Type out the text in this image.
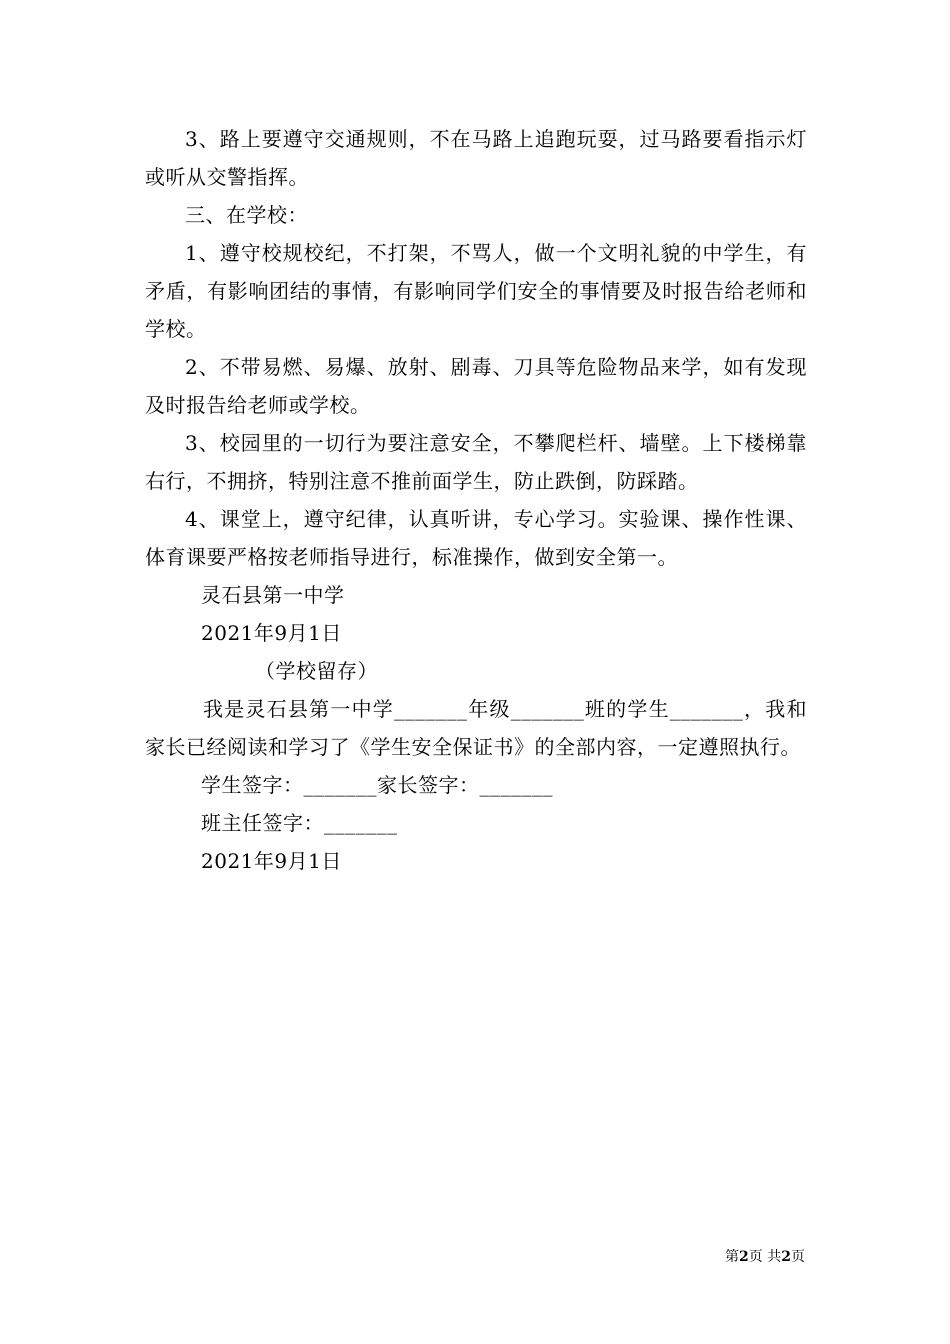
3、路上要遵守交通规则，不在马路上追跑玩耍，过马路要看指示灯或听从交警指挥。

三、在学校：

1、遵守校规校纪，不打架，不骂人，做一个文明礼貌的中学生，有矛盾，有影响团结的事情，有影响同学们安全的事情要及时报告给老师和学校。

2、不带易燃、易爆、放射、剧毒、刀具等危险物品来学，如有发现及时报告给老师或学校。

3、校园里的一切行为要注意安全，不攀爬栏杆、墙壁。上下楼梯靠右行，不拥挤，特别注意不推前面学生，防止跌倒，防踩踏。

4、课堂上，遵守纪律，认真听讲，专心学习。实验课、操作性课、体育课要严格按老师指导进行，标准操作，做到安全第一。

灵石县第一中学

2021年9月1日

（学校留存）

我是灵石县第一中学_______年级_______班的学生_______，我和家长已经阅读和学习了《学生安全保证书》的全部内容，一定遵照执行。

学生签字：_______家长签字：_______

班主任签字：_______

2021年9月1日

第2页 共2页
